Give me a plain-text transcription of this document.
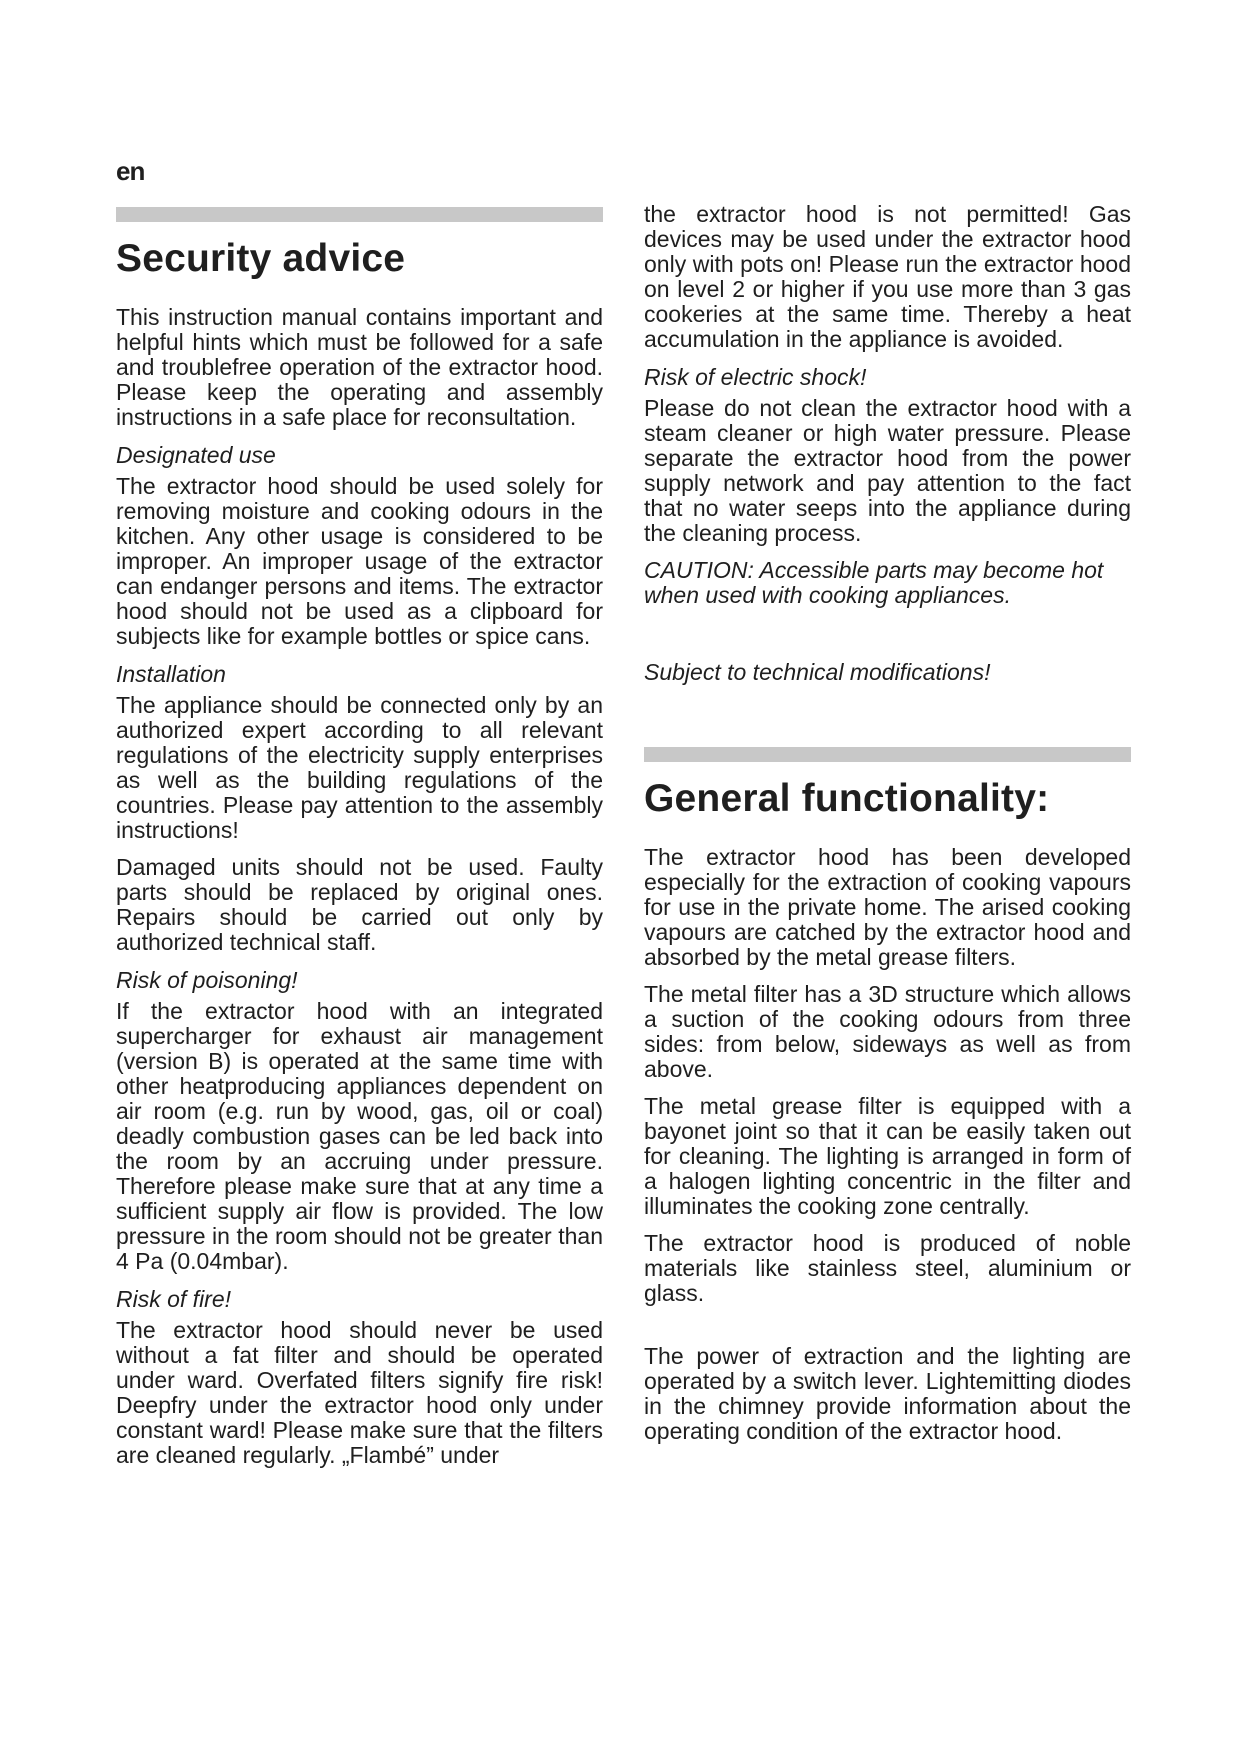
en
Security advice

This instruction manual contains important and helpful hints which must be followed for a safe and troublefree operation of the extractor hood. Please keep the operating and assembly instructions in a safe place for reconsultation.

Designated use

The extractor hood should be used solely for removing moisture and cooking odours in the kitchen. Any other usage is considered to be improper. An improper usage of the extractor can endanger persons and items. The extractor hood should not be used as a clipboard for subjects like for example bottles or spice cans.

Installation

The appliance should be connected only by an authorized expert according to all relevant regulations of the electricity supply enterprises as well as the building regulations of the countries. Please pay attention to the assembly instructions!

Damaged units should not be used. Faulty parts should be replaced by original ones. Repairs should be carried out only by authorized technical staff.

Risk of poisoning!

If the extractor hood with an integrated supercharger for exhaust air management (version B) is operated at the same time with other heatproducing appliances dependent on air room (e.g. run by wood, gas, oil or coal) deadly combustion gases can be led back into the room by an accruing under pressure. Therefore please make sure that at any time a sufficient supply air flow is provided. The low pressure in the room should not be greater than 4 Pa (0.04mbar).

Risk of fire!

The extractor hood should never be used without a fat filter and should be operated under ward. Overfated filters signify fire risk! Deepfry under the extractor hood only under constant ward! Please make sure that the filters are cleaned regularly. „Flambé” under

the extractor hood is not permitted! Gas devices may be used under the extractor hood only with pots on! Please run the extractor hood on level 2 or higher if you use more than 3 gas cookeries at the same time. Thereby a heat accumulation in the appliance is avoided.

Risk of electric shock!

Please do not clean the extractor hood with a steam cleaner or high water pressure. Please separate the extractor hood from the power supply network and pay attention to the fact that no water seeps into the appliance during the cleaning process.

CAUTION: Accessible parts may become hot when used with cooking appliances.
Subject to technical modifications!
General functionality:

The extractor hood has been developed especially for the extraction of cooking vapours for use in the private home. The arised cooking vapours are catched by the extractor hood and absorbed by the metal grease filters.

The metal filter has a 3D structure which allows a suction of the cooking odours from three sides: from below, sideways as well as from above.

The metal grease filter is equipped with a bayonet joint so that it can be easily taken out for cleaning. The lighting is arranged in form of a halogen lighting concentric in the filter and illuminates the cooking zone centrally.

The extractor hood is produced of noble materials like stainless steel, aluminium or glass.

The power of extraction and the lighting are operated by a switch lever. Lightemitting diodes in the chimney provide information about the operating condition of the extractor hood.
